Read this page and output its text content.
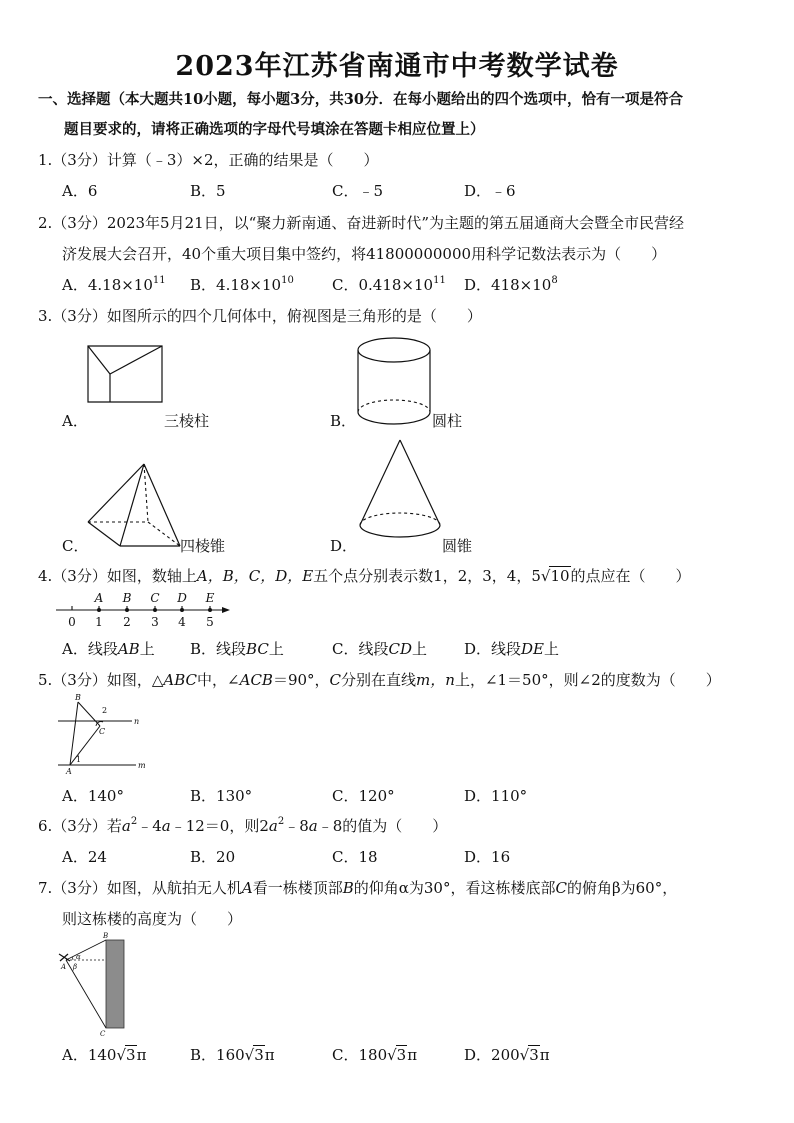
2023年江苏省南通市中考数学试卷
一、选择题（本大题共10小题，每小题3分，共30分．在每小题给出的四个选项中，恰有一项是符合
题目要求的，请将正确选项的字母代号填涂在答题卡相应位置上）
1.（3分）计算（﹣3）×2，正确的结果是（　　）
A．6	B．5	C．﹣5	D．﹣6
2.（3分）2023年5月21日，以“聚力新南通、奋进新时代”为主题的第五届通商大会暨全市民营经
济发展大会召开，40个重大项目集中签约，将41800000000用科学记数法表示为（　　）
A．$4.18\times 10^{11}$ B．$4.18\times 10^{10}$	C．$0.418\times 10^{11}$ D．$418\times 10^8$
3.（3分）如图所示的四个几何体中，俯视图是三角形的是（　　）
A．	三棱柱	B．	圆柱
C．	四棱锥	D．	圆锥
4.（3分）如图，数轴上A，B，C，D，E五个点分别表示数1，2，3，4，5√10的点应在（　　）
A B C D E
0 1 2 3 4 5
A．线段AB上 B．线段BC上	C．线段CD上 D．线段DE上
5.（3分）如图，△ABC中，∠ACB＝90°，C分别在直线m，n上，∠1＝50°，则∠2的度数为（　　）
B
2
C
n
1
A
m
A．140°	B．130°	C．120°	D．110°
6.（3分）若$a^2﹣4a﹣12=0$，则$2a^2﹣8a﹣8$的值为（　　）
A．24	B．20	C．18	D．16
7.（3分）如图，从航拍无人机A看一栋楼顶部B的仰角α为30°，看这栋楼底部C的俯角β为60°，
则这栋楼的高度为（　　）
B
α
β
A
C
A．140√3π	B．160√3π	C．180√3π	D．200√3π
